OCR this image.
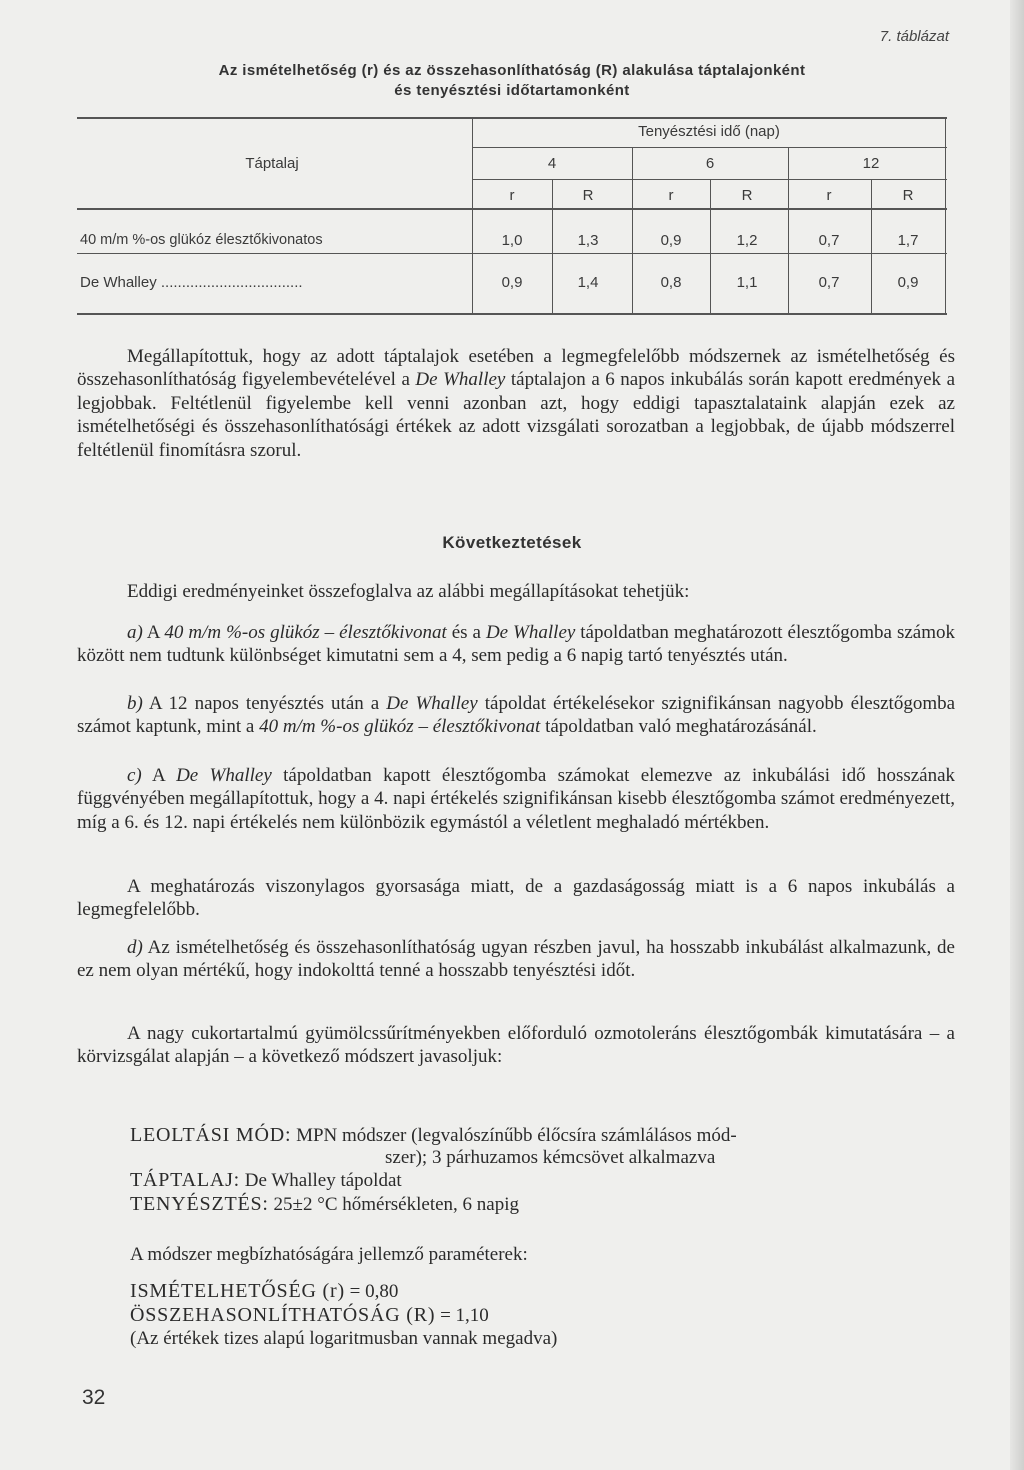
7. táblázat
Az ismételhetőség (r) és az összehasonlíthatóság (R) alakulása táptalajonként
és tenyésztési időtartamonként
Táptalaj
Tenyésztési idő (nap)
4	6	12
r	R	r	R	r	R
40 m/m %-os glükóz élesztőkivonatos	1,0	1,3	0,9	1,2	0,7	1,7
De Whalley ..................................	0,9	1,4	0,8	1,1	0,7	0,9
Megállapítottuk, hogy az adott táptalajok esetében a legmegfelelőbb módszernek az ismételhetőség és összehasonlíthatóság figyelembevételével a De Whalley táptalajon a 6 napos inkubálás során kapott eredmények a legjobbak. Feltétlenül figyelembe kell venni azonban azt, hogy eddigi tapasztalataink alapján ezek az ismételhetőségi és összehasonlíthatósági értékek az adott vizsgálati sorozatban a legjobbak, de újabb módszerrel feltétlenül finomításra szorul.
Következtetések
Eddigi eredményeinket összefoglalva az alábbi megállapításokat tehetjük:
a) A 40 m/m %-os glükóz – élesztőkivonat és a De Whalley tápoldatban meghatározott élesztőgomba számok között nem tudtunk különbséget kimutatni sem a 4, sem pedig a 6 napig tartó tenyésztés után.
b) A 12 napos tenyésztés után a De Whalley tápoldat értékelésekor szignifikánsan nagyobb élesztőgomba számot kaptunk, mint a 40 m/m %-os glükóz – élesztőkivonat tápoldatban való meghatározásánál.
c) A De Whalley tápoldatban kapott élesztőgomba számokat elemezve az inkubálási idő hosszának függvényében megállapítottuk, hogy a 4. napi értékelés szignifikánsan kisebb élesztőgomba számot eredményezett, míg a 6. és 12. napi értékelés nem különbözik egymástól a véletlent meghaladó mértékben.
A meghatározás viszonylagos gyorsasága miatt, de a gazdaságosság miatt is a 6 napos inkubálás a legmegfelelőbb.
d) Az ismételhetőség és összehasonlíthatóság ugyan részben javul, ha hosszabb inkubálást alkalmazunk, de ez nem olyan mértékű, hogy indokolttá tenné a hosszabb tenyésztési időt.
A nagy cukortartalmú gyümölcssűrítményekben előforduló ozmotoleráns élesztőgombák kimutatására – a körvizsgálat alapján – a következő módszert javasoljuk:
LEOLTÁSI MÓD: MPN módszer (legvalószínűbb élőcsíra számlálásos mód-
szer); 3 párhuzamos kémcsövet alkalmazva
TÁPTALAJ: De Whalley tápoldat
TENYÉSZTÉS: 25±2 °C hőmérsékleten, 6 napig
A módszer megbízhatóságára jellemző paraméterek:
ISMÉTELHETŐSÉG (r) = 0,80
ÖSSZEHASONLÍTHATÓSÁG (R) = 1,10
(Az értékek tizes alapú logaritmusban vannak megadva)
32
